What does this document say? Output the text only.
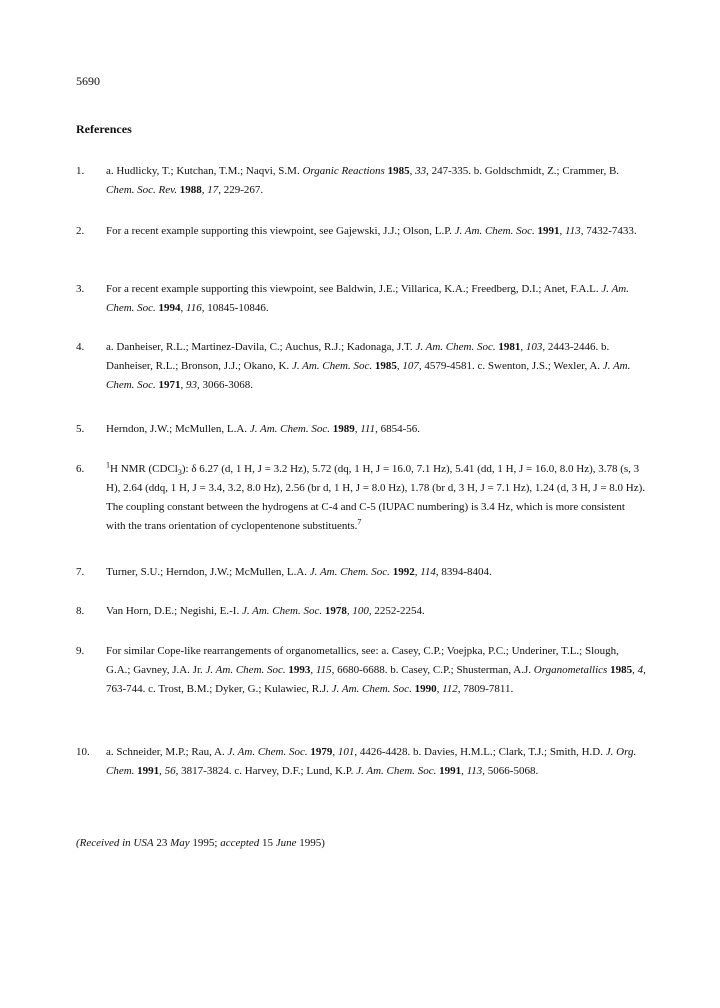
5690
References
1. a. Hudlicky, T.; Kutchan, T.M.; Naqvi, S.M. Organic Reactions 1985, 33, 247-335. b. Goldschmidt, Z.; Crammer, B. Chem. Soc. Rev. 1988, 17, 229-267.
2. For a recent example supporting this viewpoint, see Gajewski, J.J.; Olson, L.P. J. Am. Chem. Soc. 1991, 113, 7432-7433.
3. For a recent example supporting this viewpoint, see Baldwin, J.E.; Villarica, K.A.; Freedberg, D.I.; Anet, F.A.L. J. Am. Chem. Soc. 1994, 116, 10845-10846.
4. a. Danheiser, R.L.; Martinez-Davila, C.; Auchus, R.J.; Kadonaga, J.T. J. Am. Chem. Soc. 1981, 103, 2443-2446. b. Danheiser, R.L.; Bronson, J.J.; Okano, K. J. Am. Chem. Soc. 1985, 107, 4579-4581. c. Swenton, J.S.; Wexler, A. J. Am. Chem. Soc. 1971, 93, 3066-3068.
5. Herndon, J.W.; McMullen, L.A. J. Am. Chem. Soc. 1989, 111, 6854-56.
6.	$^1$H NMR (CDCl$_3$): δ 6.27 (d, 1 H, J = 3.2 Hz), 5.72 (dq, 1 H, J = 16.0, 7.1 Hz), 5.41 (dd, 1 H, J = 16.0, 8.0 Hz), 3.78 (s, 3 H), 2.64 (ddq, 1 H, J = 3.4, 3.2, 8.0 Hz), 2.56 (br d, 1 H, J = 8.0 Hz), 1.78 (br d, 3 H, J = 7.1 Hz), 1.24 (d, 3 H, J = 8.0 Hz). The coupling constant between the hydrogens at C-4 and C-5 (IUPAC numbering) is 3.4 Hz, which is more consistent with the trans orientation of cyclopentenone substituents.$^7$
7. Turner, S.U.; Herndon, J.W.; McMullen, L.A. J. Am. Chem. Soc. 1992, 114, 8394-8404.
8. Van Horn, D.E.; Negishi, E.-I. J. Am. Chem. Soc. 1978, 100, 2252-2254.
9. For similar Cope-like rearrangements of organometallics, see: a. Casey, C.P.; Voejpka, P.C.; Underiner, T.L.; Slough, G.A.; Gavney, J.A. Jr. J. Am. Chem. Soc. 1993, 115, 6680-6688. b. Casey, C.P.; Shusterman, A.J. Organometallics 1985, 4, 763-744. c. Trost, B.M.; Dyker, G.; Kulawiec, R.J. J. Am. Chem. Soc. 1990, 112, 7809-7811.
10. a. Schneider, M.P.; Rau, A. J. Am. Chem. Soc. 1979, 101, 4426-4428. b. Davies, H.M.L.; Clark, T.J.; Smith, H.D. J. Org. Chem. 1991, 56, 3817-3824. c. Harvey, D.F.; Lund, K.P. J. Am. Chem. Soc. 1991, 113, 5066-5068.
(Received in USA 23 May 1995; accepted 15 June 1995)
